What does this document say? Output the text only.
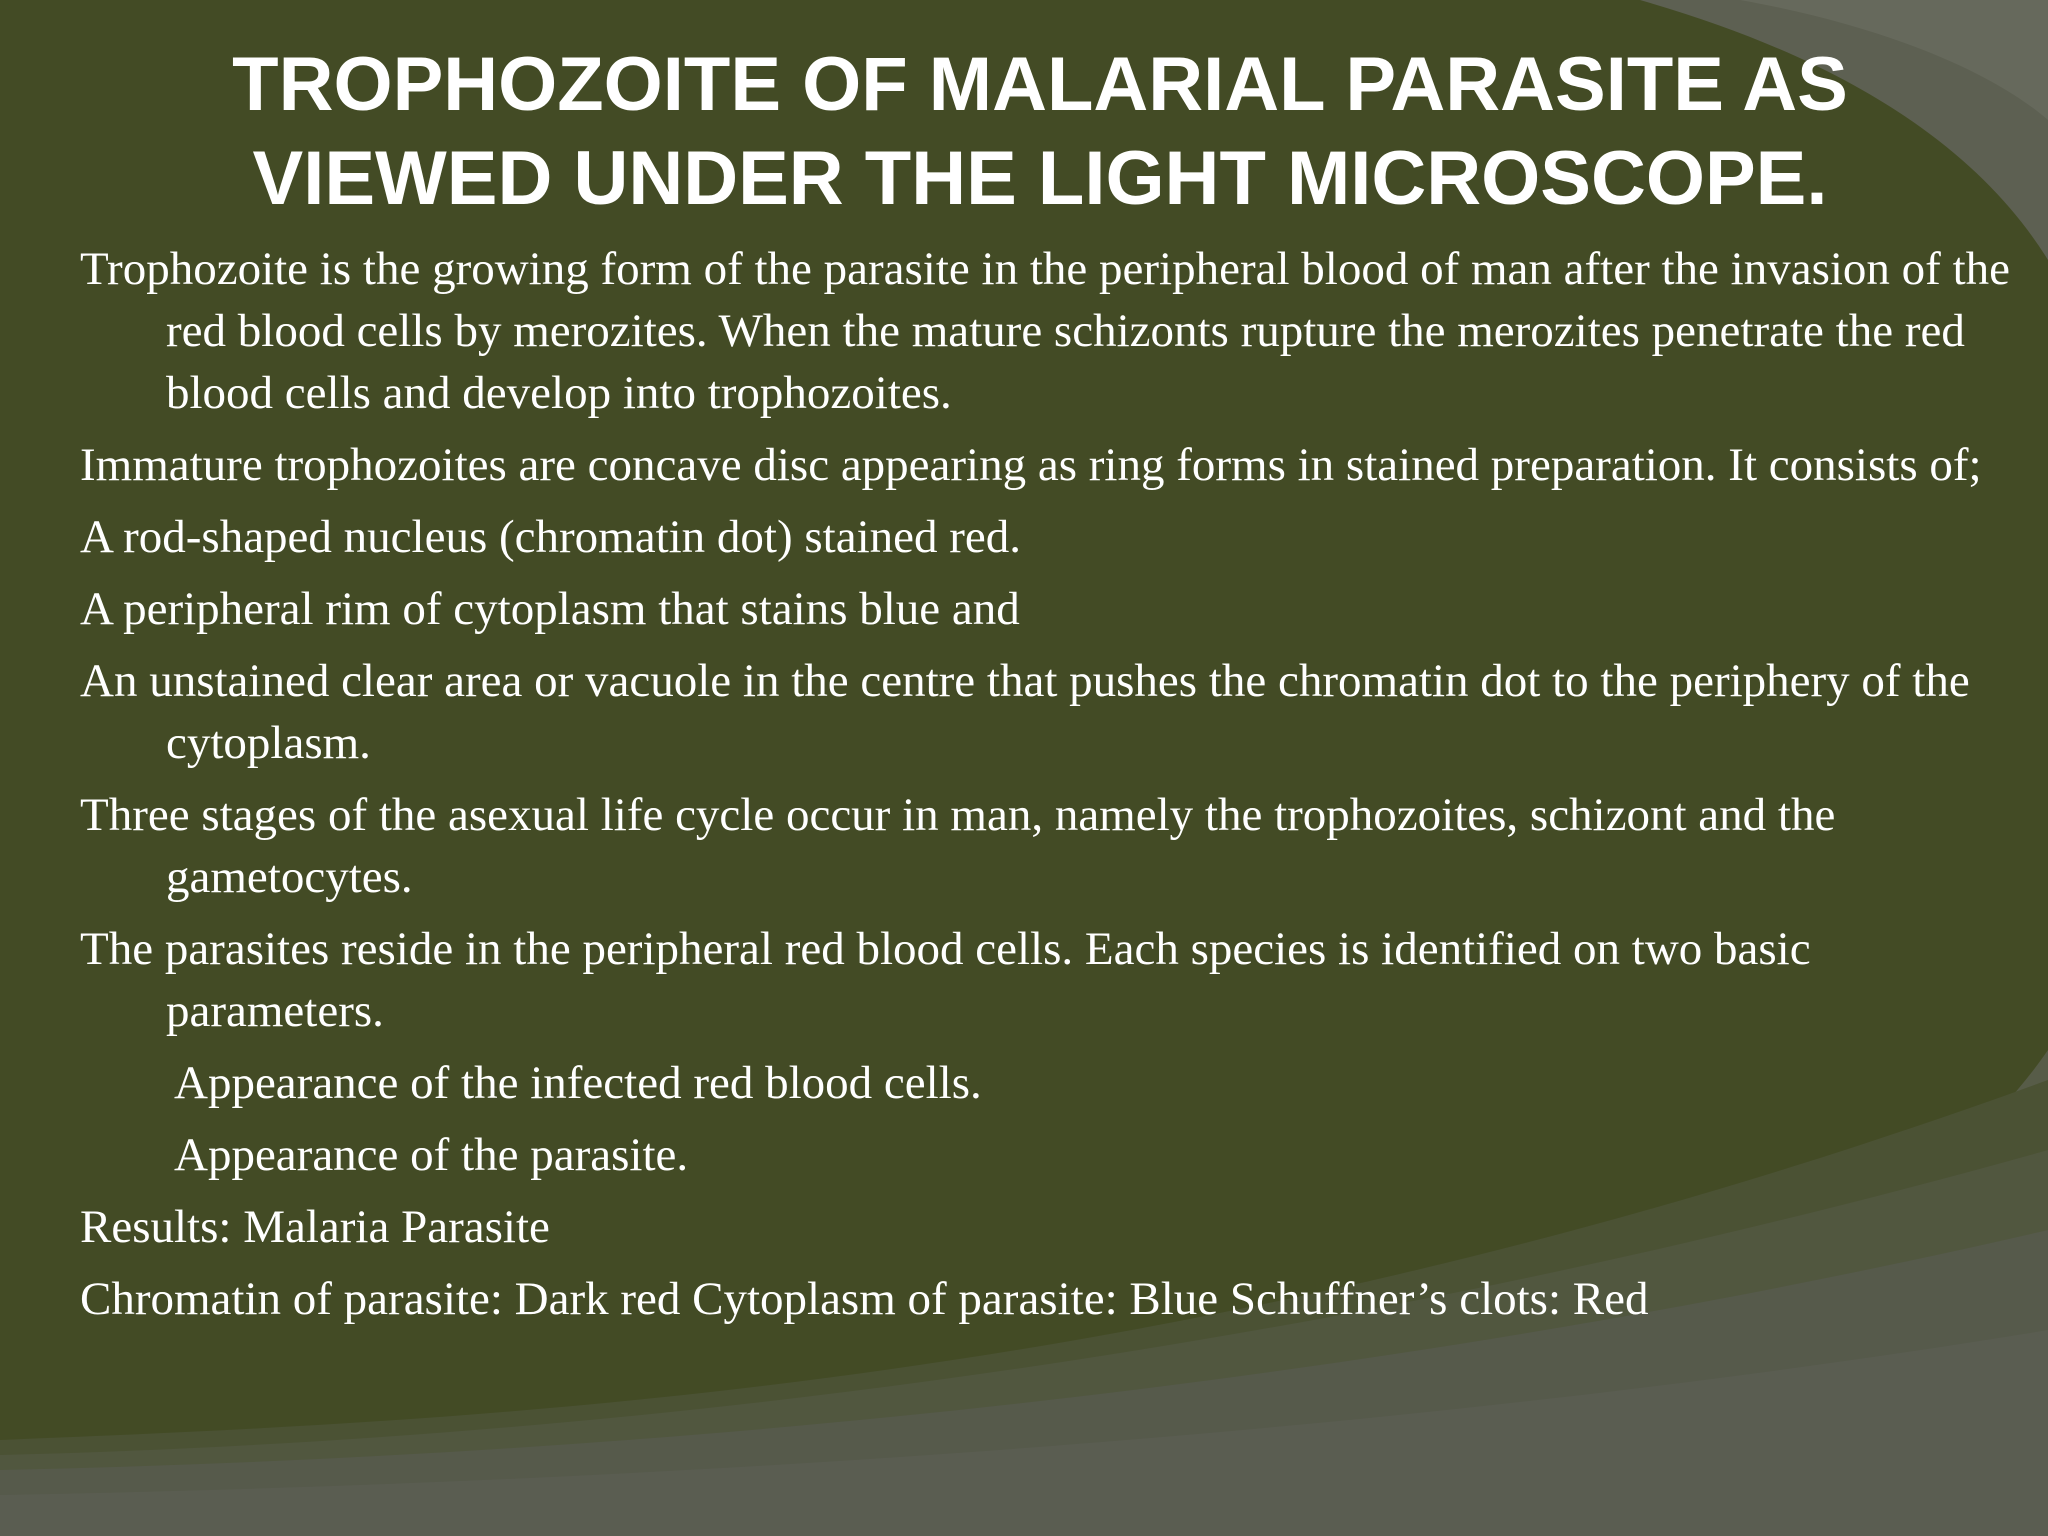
TROPHOZOITE OF MALARIAL PARASITE AS
VIEWED UNDER THE LIGHT MICROSCOPE.

Trophozoite is the growing form of the parasite in the peripheral blood of man after the invasion of the red blood cells by merozites. When the mature schizonts rupture the merozites penetrate the red blood cells and develop into trophozoites.

Immature trophozoites are concave disc appearing as ring forms in stained preparation. It consists of;

A rod-shaped nucleus (chromatin dot) stained red.

A peripheral rim of cytoplasm that stains blue and

An unstained clear area or vacuole in the centre that pushes the chromatin dot to the periphery of the cytoplasm.

Three stages of the asexual life cycle occur in man, namely the trophozoites, schizont and the gametocytes.

The parasites reside in the peripheral red blood cells. Each species is identified on two basic parameters.

Appearance of the infected red blood cells.

Appearance of the parasite.

Results: Malaria Parasite

Chromatin of parasite: Dark red Cytoplasm of parasite: Blue Schuffner’s clots: Red
